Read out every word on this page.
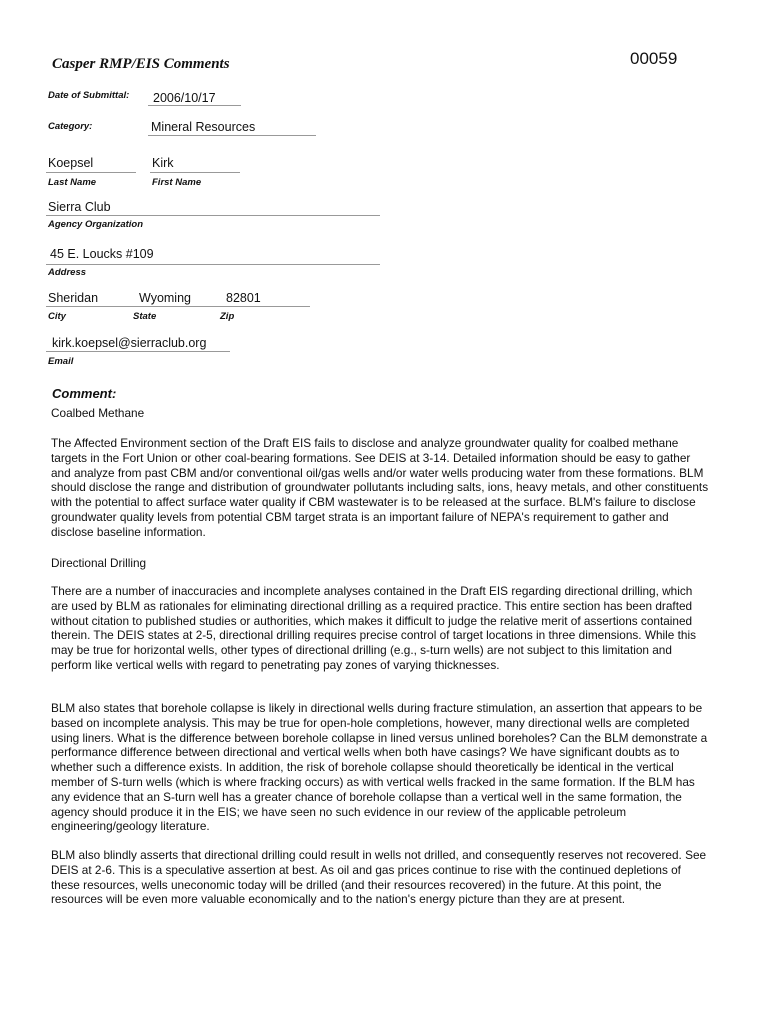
00059
Casper RMP/EIS Comments
Date of Submittal: 2006/10/17
Category:	Mineral Resources
Koepsel
Last Name
Kirk
First Name
Sierra Club
Agency Organization
45 E. Loucks #109
Address
Sheridan	Wyoming	82801
City	State	Zip
kirk.koepsel@sierraclub.org
Email
Comment:
Coalbed Methane

The Affected Environment section of the Draft EIS fails to disclose and analyze groundwater quality for coalbed methane targets in the Fort Union or other coal-bearing formations. See DEIS at 3-14. Detailed information should be easy to gather and analyze from past CBM and/or conventional oil/gas wells and/or water wells producing water from these formations. BLM should disclose the range and distribution of groundwater pollutants including salts, ions, heavy metals, and other constituents with the potential to affect surface water quality if CBM wastewater is to be released at the surface. BLM's failure to disclose groundwater quality levels from potential CBM target strata is an important failure of NEPA's requirement to gather and disclose baseline information.

Directional Drilling

There are a number of inaccuracies and incomplete analyses contained in the Draft EIS regarding directional drilling, which are used by BLM as rationales for eliminating directional drilling as a required practice. This entire section has been drafted without citation to published studies or authorities, which makes it difficult to judge the relative merit of assertions contained therein. The DEIS states at 2-5, directional drilling requires precise control of target locations in three dimensions. While this may be true for horizontal wells, other types of directional drilling (e.g., s-turn wells) are not subject to this limitation and perform like vertical wells with regard to penetrating pay zones of varying thicknesses.

BLM also states that borehole collapse is likely in directional wells during fracture stimulation, an assertion that appears to be based on incomplete analysis. This may be true for open-hole completions, however, many directional wells are completed using liners. What is the difference between borehole collapse in lined versus unlined boreholes? Can the BLM demonstrate a performance difference between directional and vertical wells when both have casings? We have significant doubts as to whether such a difference exists. In addition, the risk of borehole collapse should theoretically be identical in the vertical member of S-turn wells (which is where fracking occurs) as with vertical wells fracked in the same formation. If the BLM has any evidence that an S-turn well has a greater chance of borehole collapse than a vertical well in the same formation, the agency should produce it in the EIS; we have seen no such evidence in our review of the applicable petroleum engineering/geology literature.

BLM also blindly asserts that directional drilling could result in wells not drilled, and consequently reserves not recovered. See DEIS at 2-6. This is a speculative assertion at best. As oil and gas prices continue to rise with the continued depletions of these resources, wells uneconomic today will be drilled (and their resources recovered) in the future. At this point, the resources will be even more valuable economically and to the nation's energy picture than they are at present.
